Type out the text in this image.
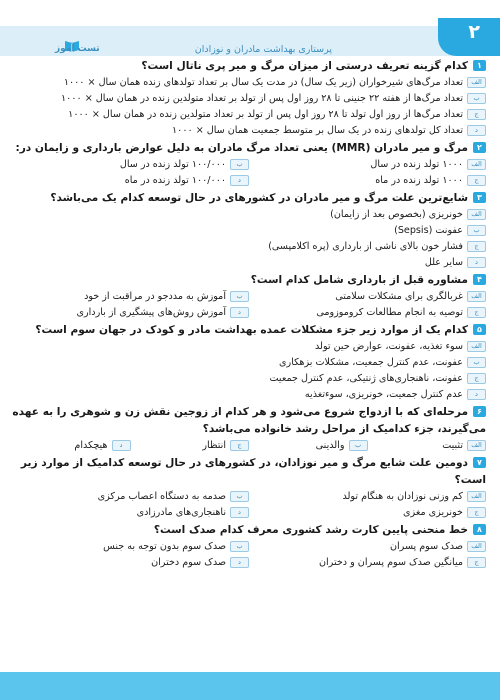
۲
پرستاری بهداشت مادران و نوزادان
تست آموز
۱کدام گزینه تعریف درستی از میزان مرگ و میر پری ناتال است؟
الفتعداد مرگ‌های شیرخواران (زیر یک سال) در مدت یک سال بر تعداد تولدهای زنده همان سال × ۱۰۰۰
بتعداد مرگ‌ها از هفته ۲۲ جنینی تا ۲۸ روز اول پس از تولد بر تعداد متولدین زنده در همان سال × ۱۰۰۰
جتعداد مرگ‌ها از روز اول تولد تا ۲۸ روز اول پس از تولد بر تعداد متولدین زنده در همان سال × ۱۰۰۰
دتعداد کل تولدهای زنده در یک سال بر متوسط جمعیت همان سال × ۱۰۰۰
۲مرگ و میر مادران (MMR) یعنی تعداد مرگ مادران به دلیل عوارض بارداری و زایمان در:
الف۱۰۰۰ تولد زنده در سال
ب۱۰۰/۰۰۰ تولد زنده در سال
ج۱۰۰۰ تولد زنده در ماه
د۱۰۰/۰۰۰ تولد زنده در ماه
۳شایع‌ترین علت مرگ و میر مادران در کشورهای در حال توسعه کدام یک می‌باشد؟
الفخونریزی (بخصوص بعد از زایمان)
بعفونت (Sepsis)
جفشار خون بالای ناشی از بارداری (پره اکلامپسی)
دسایر علل
۴مشاوره قبل از بارداری شامل کدام است؟
الفغربالگری برای مشکلات سلامتی
بآموزش به مددجو در مراقبت از خود
جتوصیه به انجام مطالعات کروموزومی
دآموزش روش‌های پیشگیری از بارداری
۵کدام یک از موارد زیر جزء مشکلات عمده بهداشت مادر و کودک در جهان سوم است؟
الفسوء تغذیه، عفونت، عوارض حین تولد
بعفونت، عدم کنترل جمعیت، مشکلات بزهکاری
جعفونت، ناهنجاری‌های ژنتیکی، عدم کنترل جمعیت
دعدم کنترل جمعیت، خونریزی، سوءتغذیه
۶مرحله‌ای که با ازدواج شروع می‌شود و هر کدام از زوجین نقش زن و شوهری را به عهده می‌گیرند، جزء کدامیک از مراحل رشد خانواده می‌باشد؟
الفتثبیت
بوالدینی
جانتظار
دهیچکدام
۷دومین علت شایع مرگ و میر نوزادان، در کشورهای در حال توسعه کدامیک از موارد زیر است؟
الفکم وزنی نوزادان به هنگام تولد
بصدمه به دستگاه اعصاب مرکزی
جخونریزی مغزی
دناهنجاری‌های مادرزادی
۸خط منحنی پایین کارت رشد کشوری معرف کدام صدک است؟
الفصدک سوم پسران
بصدک سوم بدون توجه به جنس
جمیانگین صدک سوم پسران و دختران
دصدک سوم دختران
